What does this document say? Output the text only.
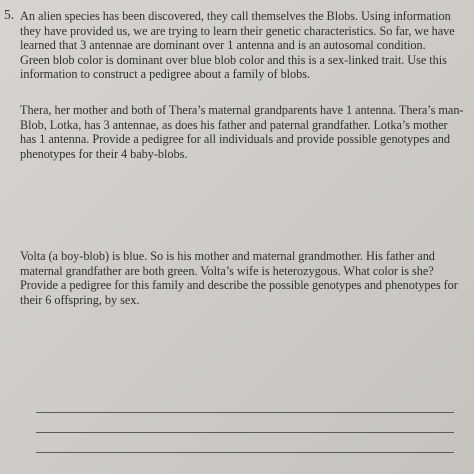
5. An alien species has been discovered, they call themselves the Blobs. Using information
they have provided us, we are trying to learn their genetic characteristics. So far, we have
learned that 3 antennae are dominant over 1 antenna and is an autosomal condition.
Green blob color is dominant over blue blob color and this is a sex-linked trait. Use this
information to construct a pedigree about a family of blobs.
Thera, her mother and both of Thera’s maternal grandparents have 1 antenna. Thera’s man-
Blob, Lotka, has 3 antennae, as does his father and paternal grandfather. Lotka’s mother
has 1 antenna. Provide a pedigree for all individuals and provide possible genotypes and
phenotypes for their 4 baby-blobs.
Volta (a boy-blob) is blue. So is his mother and maternal grandmother. His father and
maternal grandfather are both green. Volta’s wife is heterozygous. What color is she?
Provide a pedigree for this family and describe the possible genotypes and phenotypes for
their 6 offspring, by sex.
